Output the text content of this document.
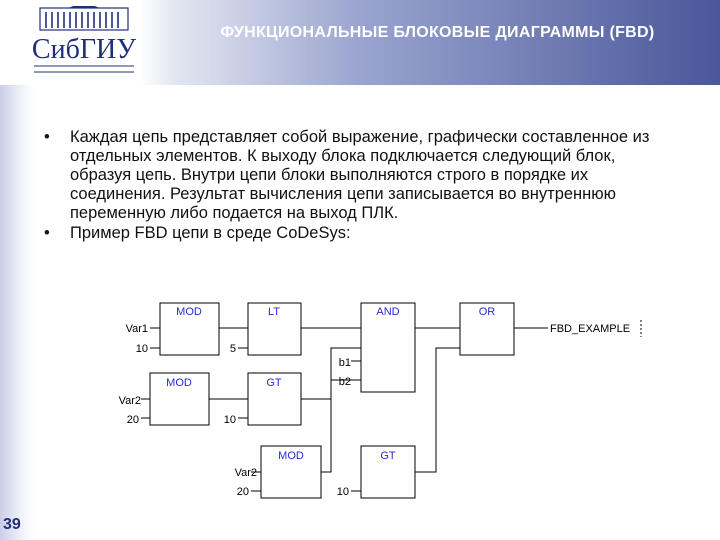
СибГИУ
ФУНКЦИОНАЛЬНЫЕ БЛОКОВЫЕ ДИАГРАММЫ (FBD)
39
• Каждая цепь представляет собой выражение, графически составленное из отдельных элементов. К выходу блока подключается следующий блок, образуя цепь. Внутри цепи блоки выполняются строго в порядке их соединения. Результат вычисления цепи записывается во внутреннюю переменную либо подается на выход ПЛК.
• Пример FBD цепи в среде CoDeSys:
MOD	LT	AND	OR
MOD	GT
MOD	GT
Var1
10	5
b1
b2
FBD_EXAMPLE
Var2
20	10
Var2
20	10
